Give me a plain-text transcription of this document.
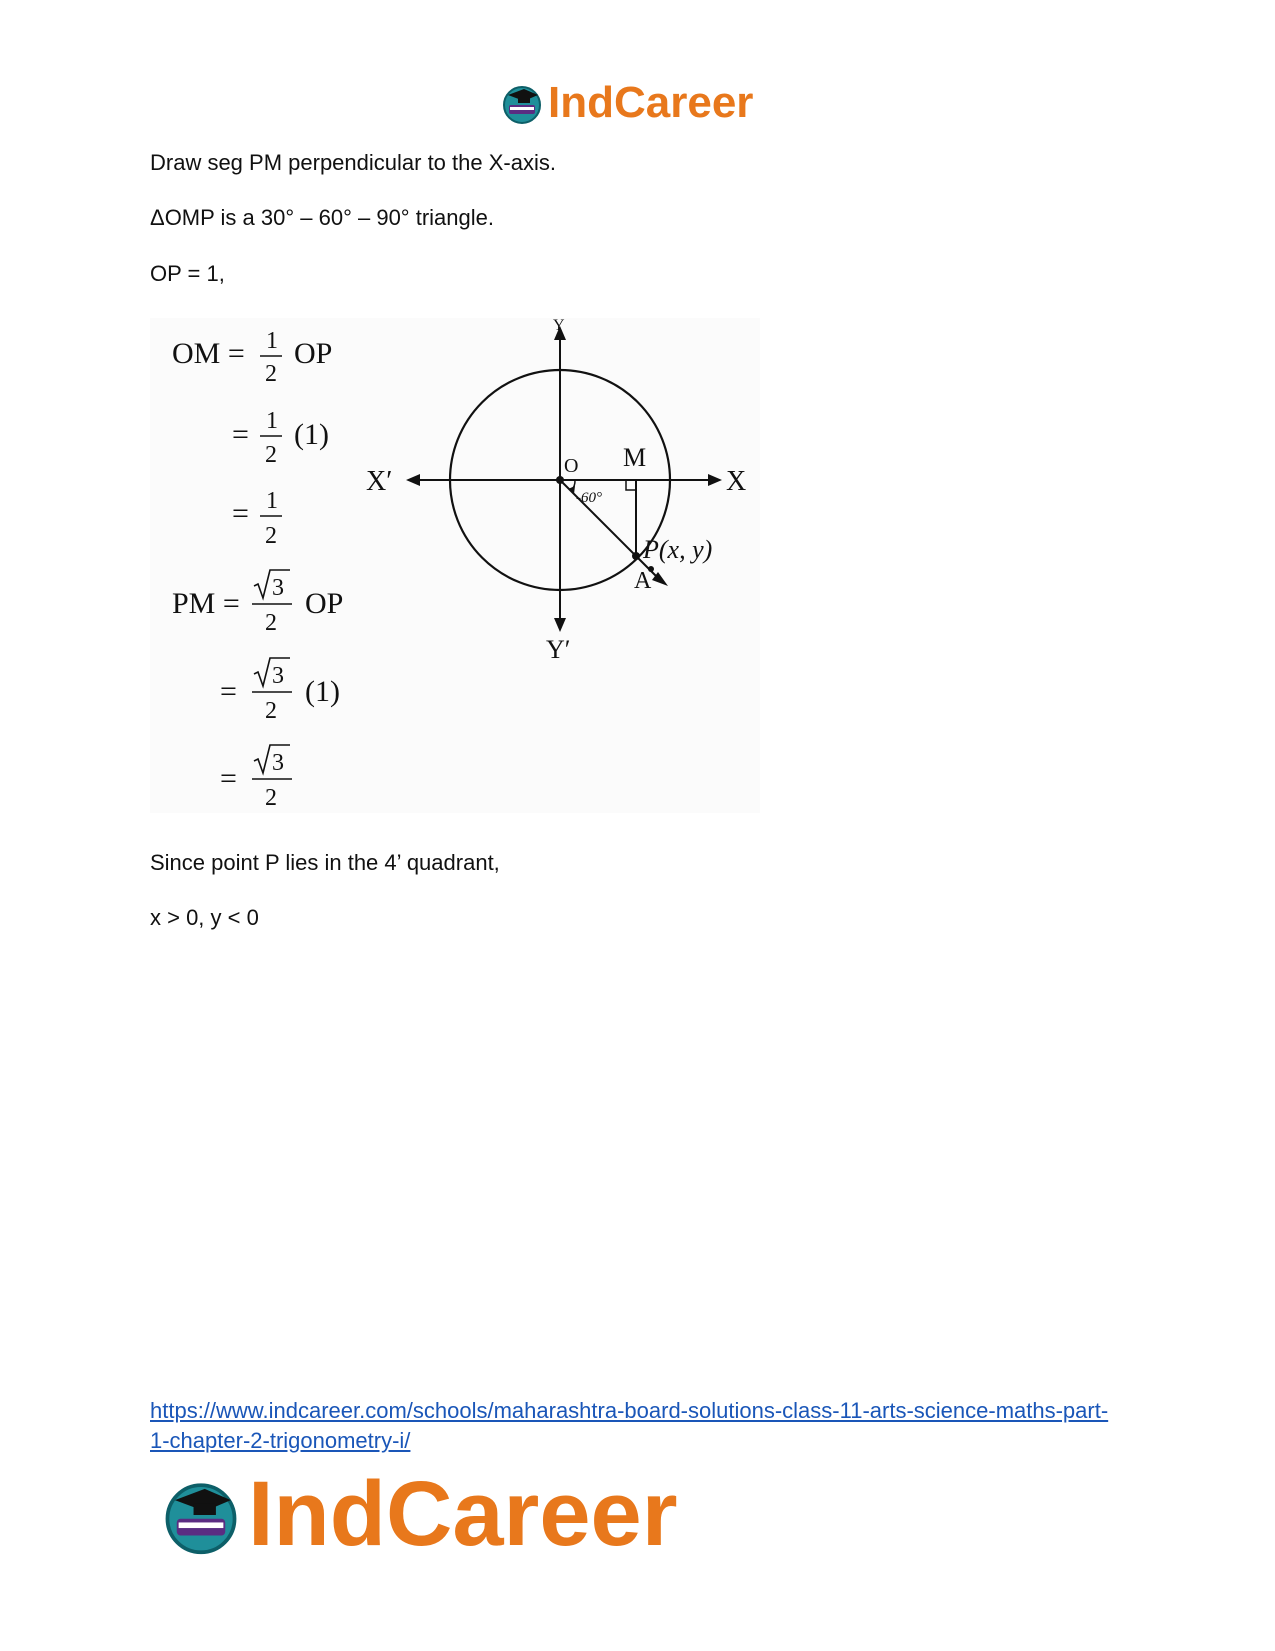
IndCareer
Draw seg PM perpendicular to the X-axis.
ΔOMP is a 30° – 60° – 90° triangle.
OP = 1,
OM = 1
2
OP
= 1
2
(1)
= 1
2
PM = 3
2
OP
= 3
2
(1)
= 3
2
Y
Y′
X
X′	O M
P(x, y)
A
-60°
Since point P lies in the 4’ quadrant,
x > 0, y < 0
https://www.indcareer.com/schools/maharashtra-board-solutions-class-11-arts-science-maths-part-1-chapter-2-trigonometry-i/
IndCareer
